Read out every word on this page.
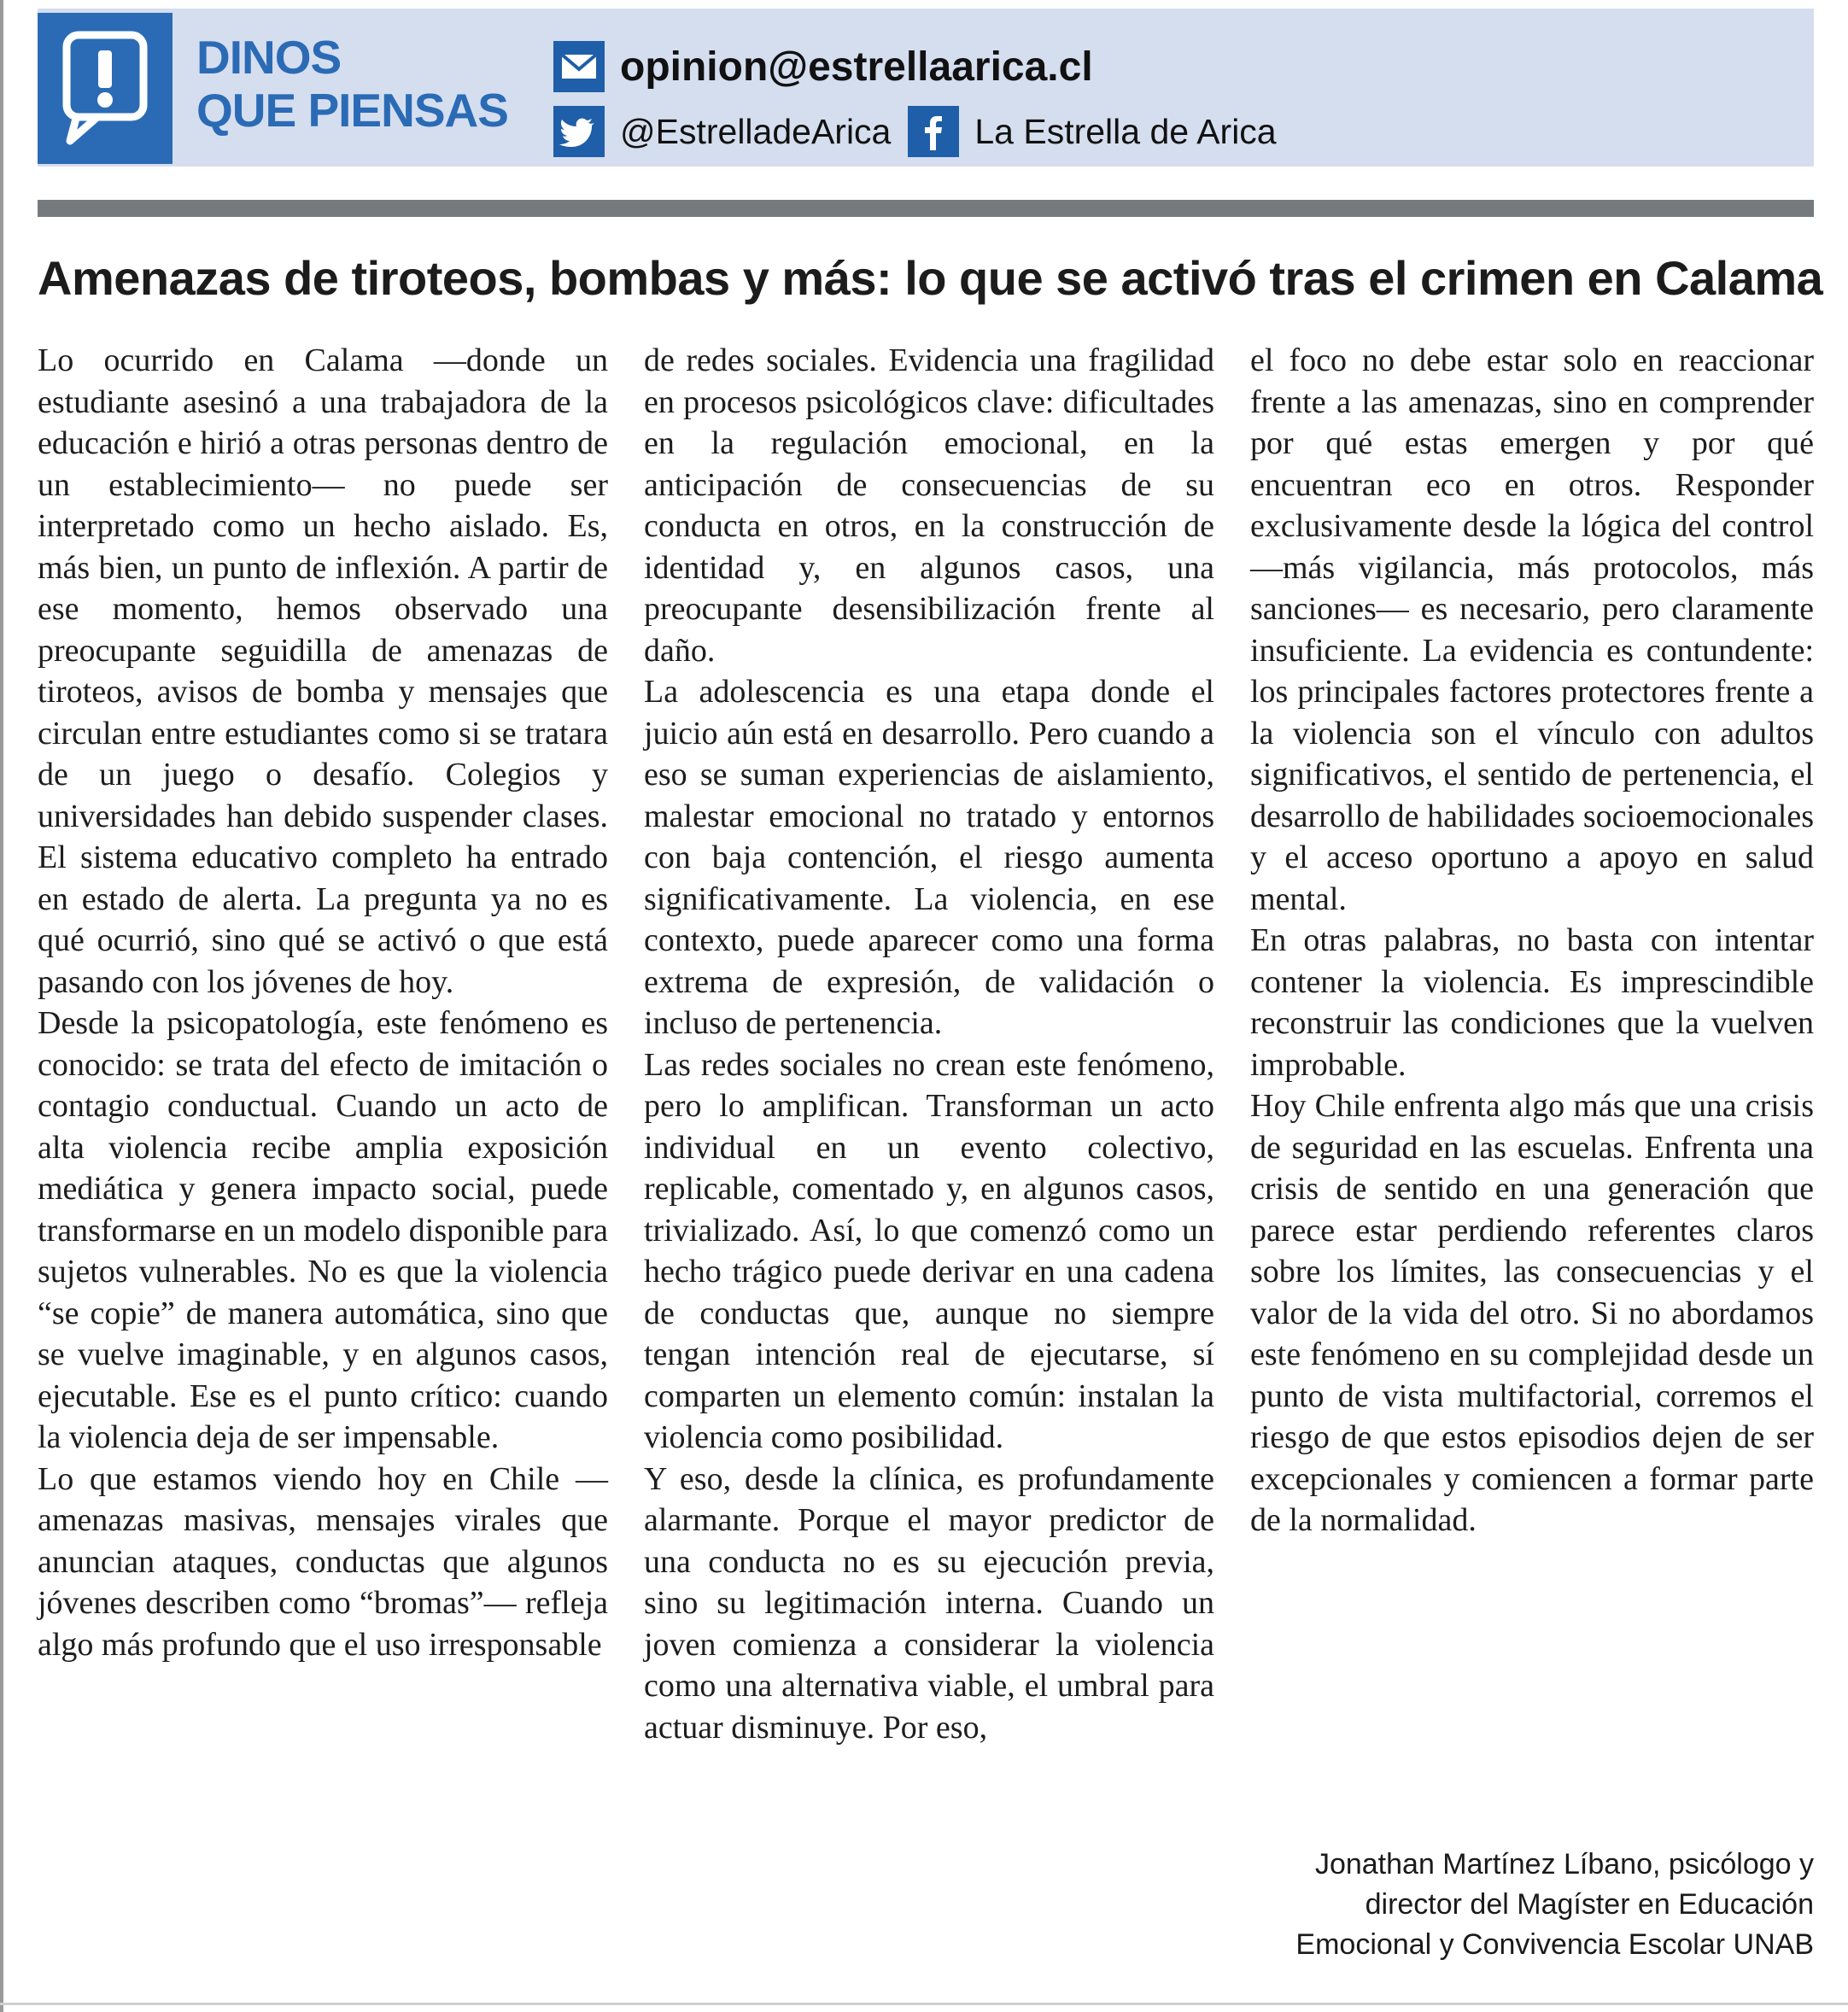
DINOS
QUE PIENSAS
opinion@estrellaarica.cl
@EstrelladeArica La Estrella de Arica
Amenazas de tiroteos, bombas y más: lo que se activó tras el crimen en Calama

Lo ocurrido en Calama —donde un estudiante asesinó a una trabajadora de la educación e hirió a otras personas dentro de un establecimiento— no puede ser interpretado como un hecho aislado. Es, más bien, un punto de inflexión. A partir de ese momento, hemos observado una preocupante seguidilla de amenazas de tiroteos, avisos de bomba y mensajes que circulan entre estudiantes como si se tratara de un juego o desafío. Colegios y universidades han debido suspender clases. El sistema educativo completo ha entrado en estado de alerta. La pregunta ya no es qué ocurrió, sino qué se activó o que está pasando con los jóvenes de hoy.

Desde la psicopatología, este fenómeno es conocido: se trata del efecto de imitación o contagio conductual. Cuando un acto de alta violencia recibe amplia exposición mediática y genera impacto social, puede transformarse en un modelo disponible para sujetos vulnerables. No es que la violencia “se copie” de manera automática, sino que se vuelve imaginable, y en algunos casos, ejecutable. Ese es el punto crítico: cuando la violencia deja de ser impensable.

Lo que estamos viendo hoy en Chile —amenazas masivas, mensajes virales que anuncian ataques, conductas que algunos jóvenes describen como “bromas”— refleja algo más profundo que el uso irresponsable

de redes sociales. Evidencia una fragilidad en procesos psicológicos clave: dificultades en la regulación emocional, en la anticipación de consecuencias de su conducta en otros, en la construcción de identidad y, en algunos casos, una preocupante desensibilización frente al daño.

La adolescencia es una etapa donde el juicio aún está en desarrollo. Pero cuando a eso se suman experiencias de aislamiento, malestar emocional no tratado y entornos con baja contención, el riesgo aumenta significativamente. La violencia, en ese contexto, puede aparecer como una forma extrema de expresión, de validación o incluso de pertenencia.

Las redes sociales no crean este fenómeno, pero lo amplifican. Transforman un acto individual en un evento colectivo, replicable, comentado y, en algunos casos, trivializado. Así, lo que comenzó como un hecho trágico puede derivar en una cadena de conductas que, aunque no siempre tengan intención real de ejecutarse, sí comparten un elemento común: instalan la violencia como posibilidad.

Y eso, desde la clínica, es profundamente alarmante. Porque el mayor predictor de una conducta no es su ejecución previa, sino su legitimación interna. Cuando un joven comienza a considerar la violencia como una alternativa viable, el umbral para actuar disminuye. Por eso,

el foco no debe estar solo en reaccionar frente a las amenazas, sino en comprender por qué estas emergen y por qué encuentran eco en otros. Responder exclusivamente desde la lógica del control —más vigilancia, más protocolos, más sanciones— es necesario, pero claramente insuficiente. La evidencia es contundente: los principales factores protectores frente a la violencia son el vínculo con adultos significativos, el sentido de pertenencia, el desarrollo de habilidades socioemocionales y el acceso oportuno a apoyo en salud mental.

En otras palabras, no basta con intentar contener la violencia. Es imprescindible reconstruir las condiciones que la vuelven improbable.

Hoy Chile enfrenta algo más que una crisis de seguridad en las escuelas. Enfrenta una crisis de sentido en una generación que parece estar perdiendo referentes claros sobre los límites, las consecuencias y el valor de la vida del otro. Si no abordamos este fenómeno en su complejidad desde un punto de vista multifactorial, corremos el riesgo de que estos episodios dejen de ser excepcionales y comiencen a formar parte de la normalidad.

Jonathan Martínez Líbano, psicólogo y
director del Magíster en Educación
Emocional y Convivencia Escolar UNAB
